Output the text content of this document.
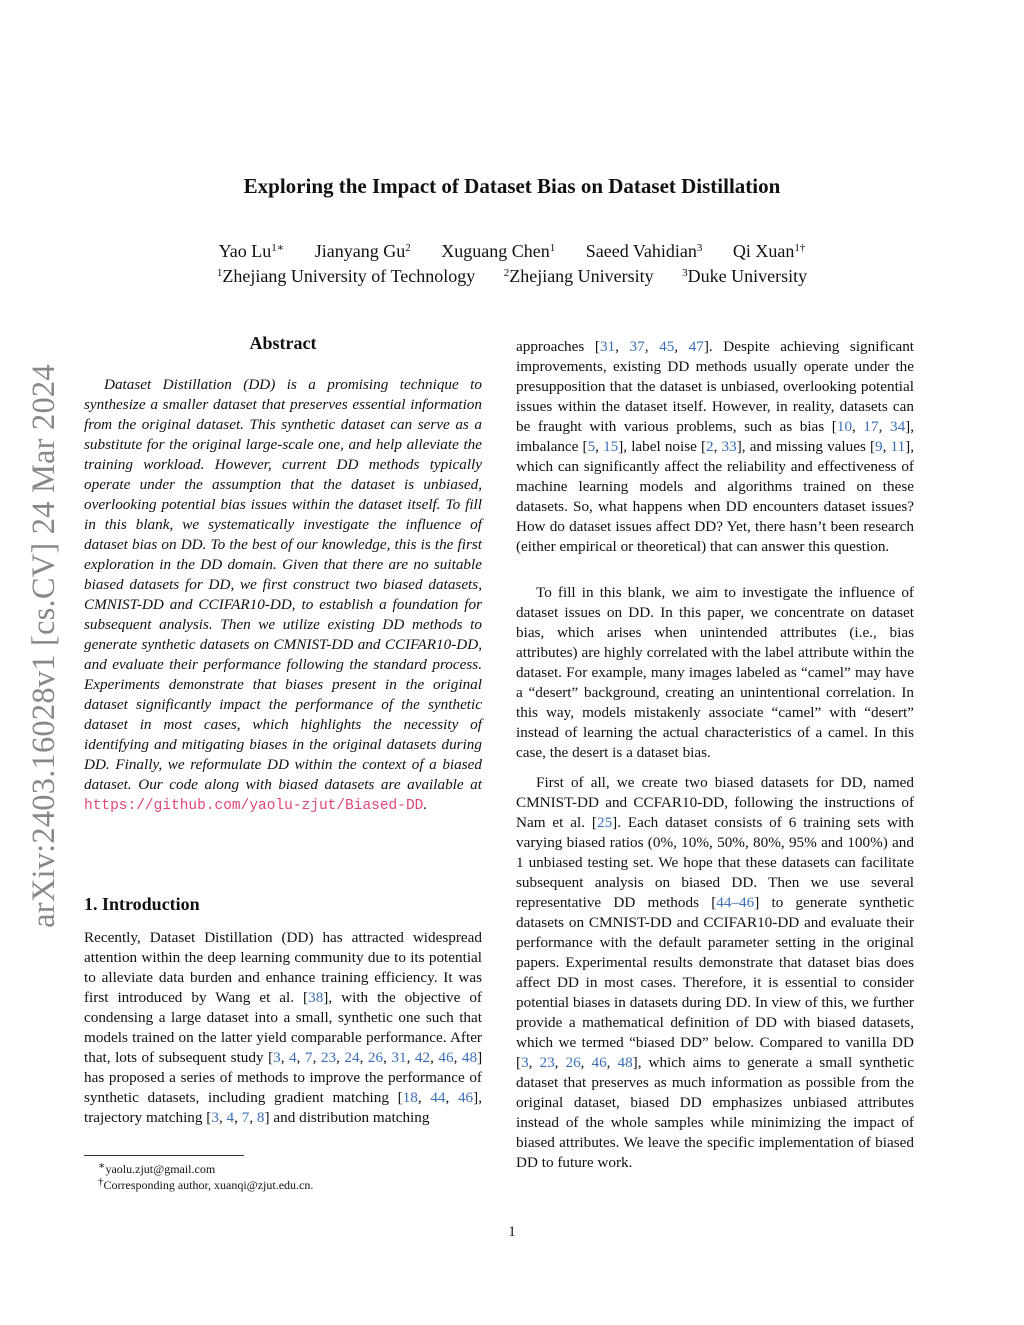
arXiv:2403.16028v1 [cs.CV] 24 Mar 2024
Exploring the Impact of Dataset Bias on Dataset Distillation
Yao $Lu^{1∗}$ Jianyang Gu$^2$ Xuguang Chen$^1$ Saeed Vahidian$^3$ Qi Xuan$^{1\dagger}$
$^1$Zhejiang University of Technology	$^2$Zhejiang University	$^3$Duke University
Abstract
Dataset Distillation (DD) is a promising technique to synthesize a smaller dataset that preserves essential information from the original dataset. This synthetic dataset can serve as a substitute for the original large-scale one, and help alleviate the training workload. However, current DD methods typically operate under the assumption that the dataset is unbiased, overlooking potential bias issues within the dataset itself. To fill in this blank, we systematically investigate the influence of dataset bias on DD. To the best of our knowledge, this is the first exploration in the DD domain. Given that there are no suitable biased datasets for DD, we first construct two biased datasets, CMNIST-DD and CCIFAR10-DD, to establish a foundation for subsequent analysis. Then we utilize existing DD methods to generate synthetic datasets on CMNIST-DD and CCIFAR10-DD, and evaluate their performance following the standard process. Experiments demonstrate that biases present in the original dataset significantly impact the performance of the synthetic dataset in most cases, which highlights the necessity of identifying and mitigating biases in the original datasets during DD. Finally, we reformulate DD within the context of a biased dataset. Our code along with biased datasets are available at https://github.com/yaolu-zjut/Biased-DD.
1. Introduction
Recently, Dataset Distillation (DD) has attracted widespread attention within the deep learning community due to its potential to alleviate data burden and enhance training efficiency. It was first introduced by Wang et al. [38], with the objective of condensing a large dataset into a small, synthetic one such that models trained on the latter yield comparable performance. After that, lots of subsequent study [3, 4, 7, 23, 24, 26, 31, 42, 46, 48] has proposed a series of methods to improve the performance of synthetic datasets, including gradient matching [18, 44, 46], trajectory matching [3, 4, 7, 8] and distribution matching
approaches [31, 37, 45, 47]. Despite achieving significant improvements, existing DD methods usually operate under the presupposition that the dataset is unbiased, overlooking potential issues within the dataset itself. However, in reality, datasets can be fraught with various problems, such as bias [10, 17, 34], imbalance [5, 15], label noise [2, 33], and missing values [9, 11], which can significantly affect the reliability and effectiveness of machine learning models and algorithms trained on these datasets. So, what happens when DD encounters dataset issues? How do dataset issues affect DD? Yet, there hasn’t been research (either empirical or theoretical) that can answer this question.
To fill in this blank, we aim to investigate the influence of dataset issues on DD. In this paper, we concentrate on dataset bias, which arises when unintended attributes (i.e., bias attributes) are highly correlated with the label attribute within the dataset. For example, many images labeled as “camel” may have a “desert” background, creating an unintentional correlation. In this way, models mistakenly associate “camel” with “desert” instead of learning the actual characteristics of a camel. In this case, the desert is a dataset bias.
First of all, we create two biased datasets for DD, named CMNIST-DD and CCFAR10-DD, following the instructions of Nam et al. [25]. Each dataset consists of 6 training sets with varying biased ratios (0%, 10%, 50%, 80%, 95% and 100%) and 1 unbiased testing set. We hope that these datasets can facilitate subsequent analysis on biased DD. Then we use several representative DD methods [44–46] to generate synthetic datasets on CMNIST-DD and CCIFAR10-DD and evaluate their performance with the default parameter setting in the original papers. Experimental results demonstrate that dataset bias does affect DD in most cases. Therefore, it is essential to consider potential biases in datasets during DD. In view of this, we further provide a mathematical definition of DD with biased datasets, which we termed “biased DD” below. Compared to vanilla DD [3, 23, 26, 46, 48], which aims to generate a small synthetic dataset that preserves as much information as possible from the original dataset, biased DD emphasizes unbiased attributes instead of the whole samples while minimizing the impact of biased attributes. We leave the specific implementation of biased DD to future work.
∗yaolu.zjut@gmail.com
†Corresponding author, xuanqi@zjut.edu.cn.
1
